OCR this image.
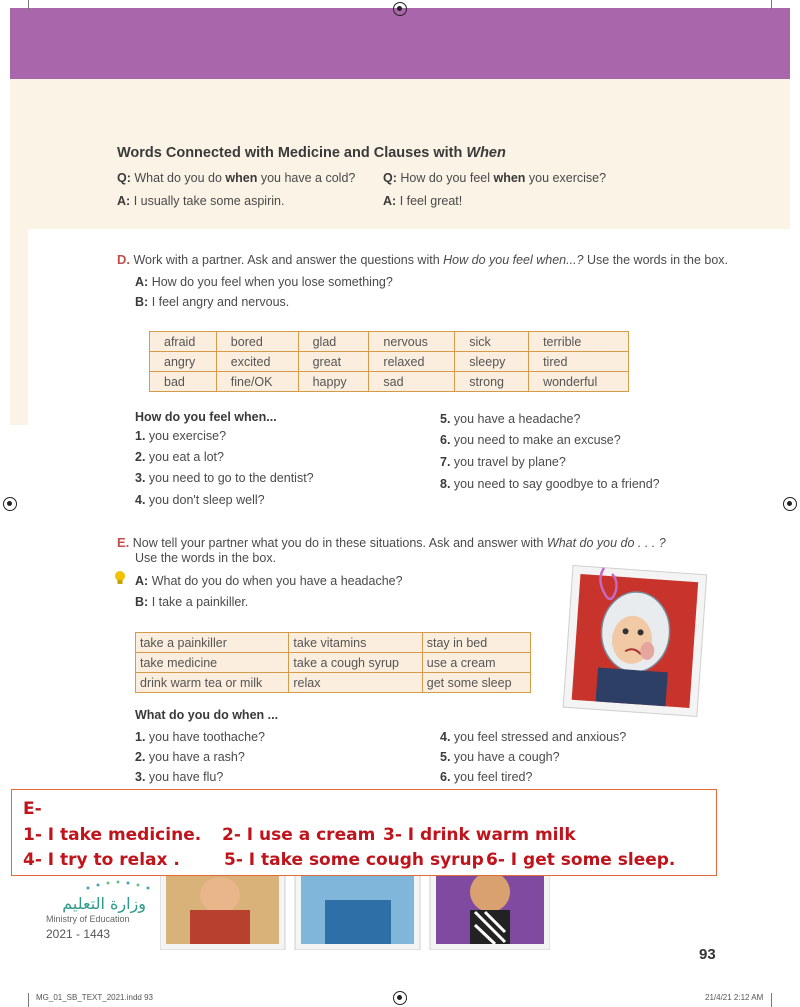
Words Connected with Medicine and Clauses with When
Q: What do you do when you have a cold?
A: I usually take some aspirin.
Q: How do you feel when you exercise?
A: I feel great!
D. Work with a partner. Ask and answer the questions with How do you feel when...? Use the words in the box.
A: How do you feel when you lose something?
B: I feel angry and nervous.
afraid	bored	glad	nervous	sick	terrible
angry	excited	great	relaxed	sleepy	tired
bad	fine/OK	happy	sad	strong	wonderful
How do you feel when...
1. you exercise?
2. you eat a lot?
3. you need to go to the dentist?
4. you don't sleep well?
5. you have a headache?
6. you need to make an excuse?
7. you travel by plane?
8. you need to say goodbye to a friend?
E. Now tell your partner what you do in these situations. Ask and answer with What do you do . . . ?
Use the words in the box.
A: What do you do when you have a headache?
B: I take a painkiller.
take a painkiller	take vitamins	stay in bed
take medicine	take a cough syrup	use a cream
drink warm tea or milk	relax	get some sleep
What do you do when ...
1. you have toothache?
2. you have a rash?
3. you have flu?
4. you feel stressed and anxious?
5. you have a cough?
6. you feel tired?
E-
1- I take medicine. 2- I use a cream 3- I drink warm milk
4- I try to relax .	5- I take some cough syrup .
6- I get some sleep.
وزارة التعليم
Ministry of Education
2021 - 1443
93
MG_01_SB_TEXT_2021.indd 93	21/4/21 2:12 AM
